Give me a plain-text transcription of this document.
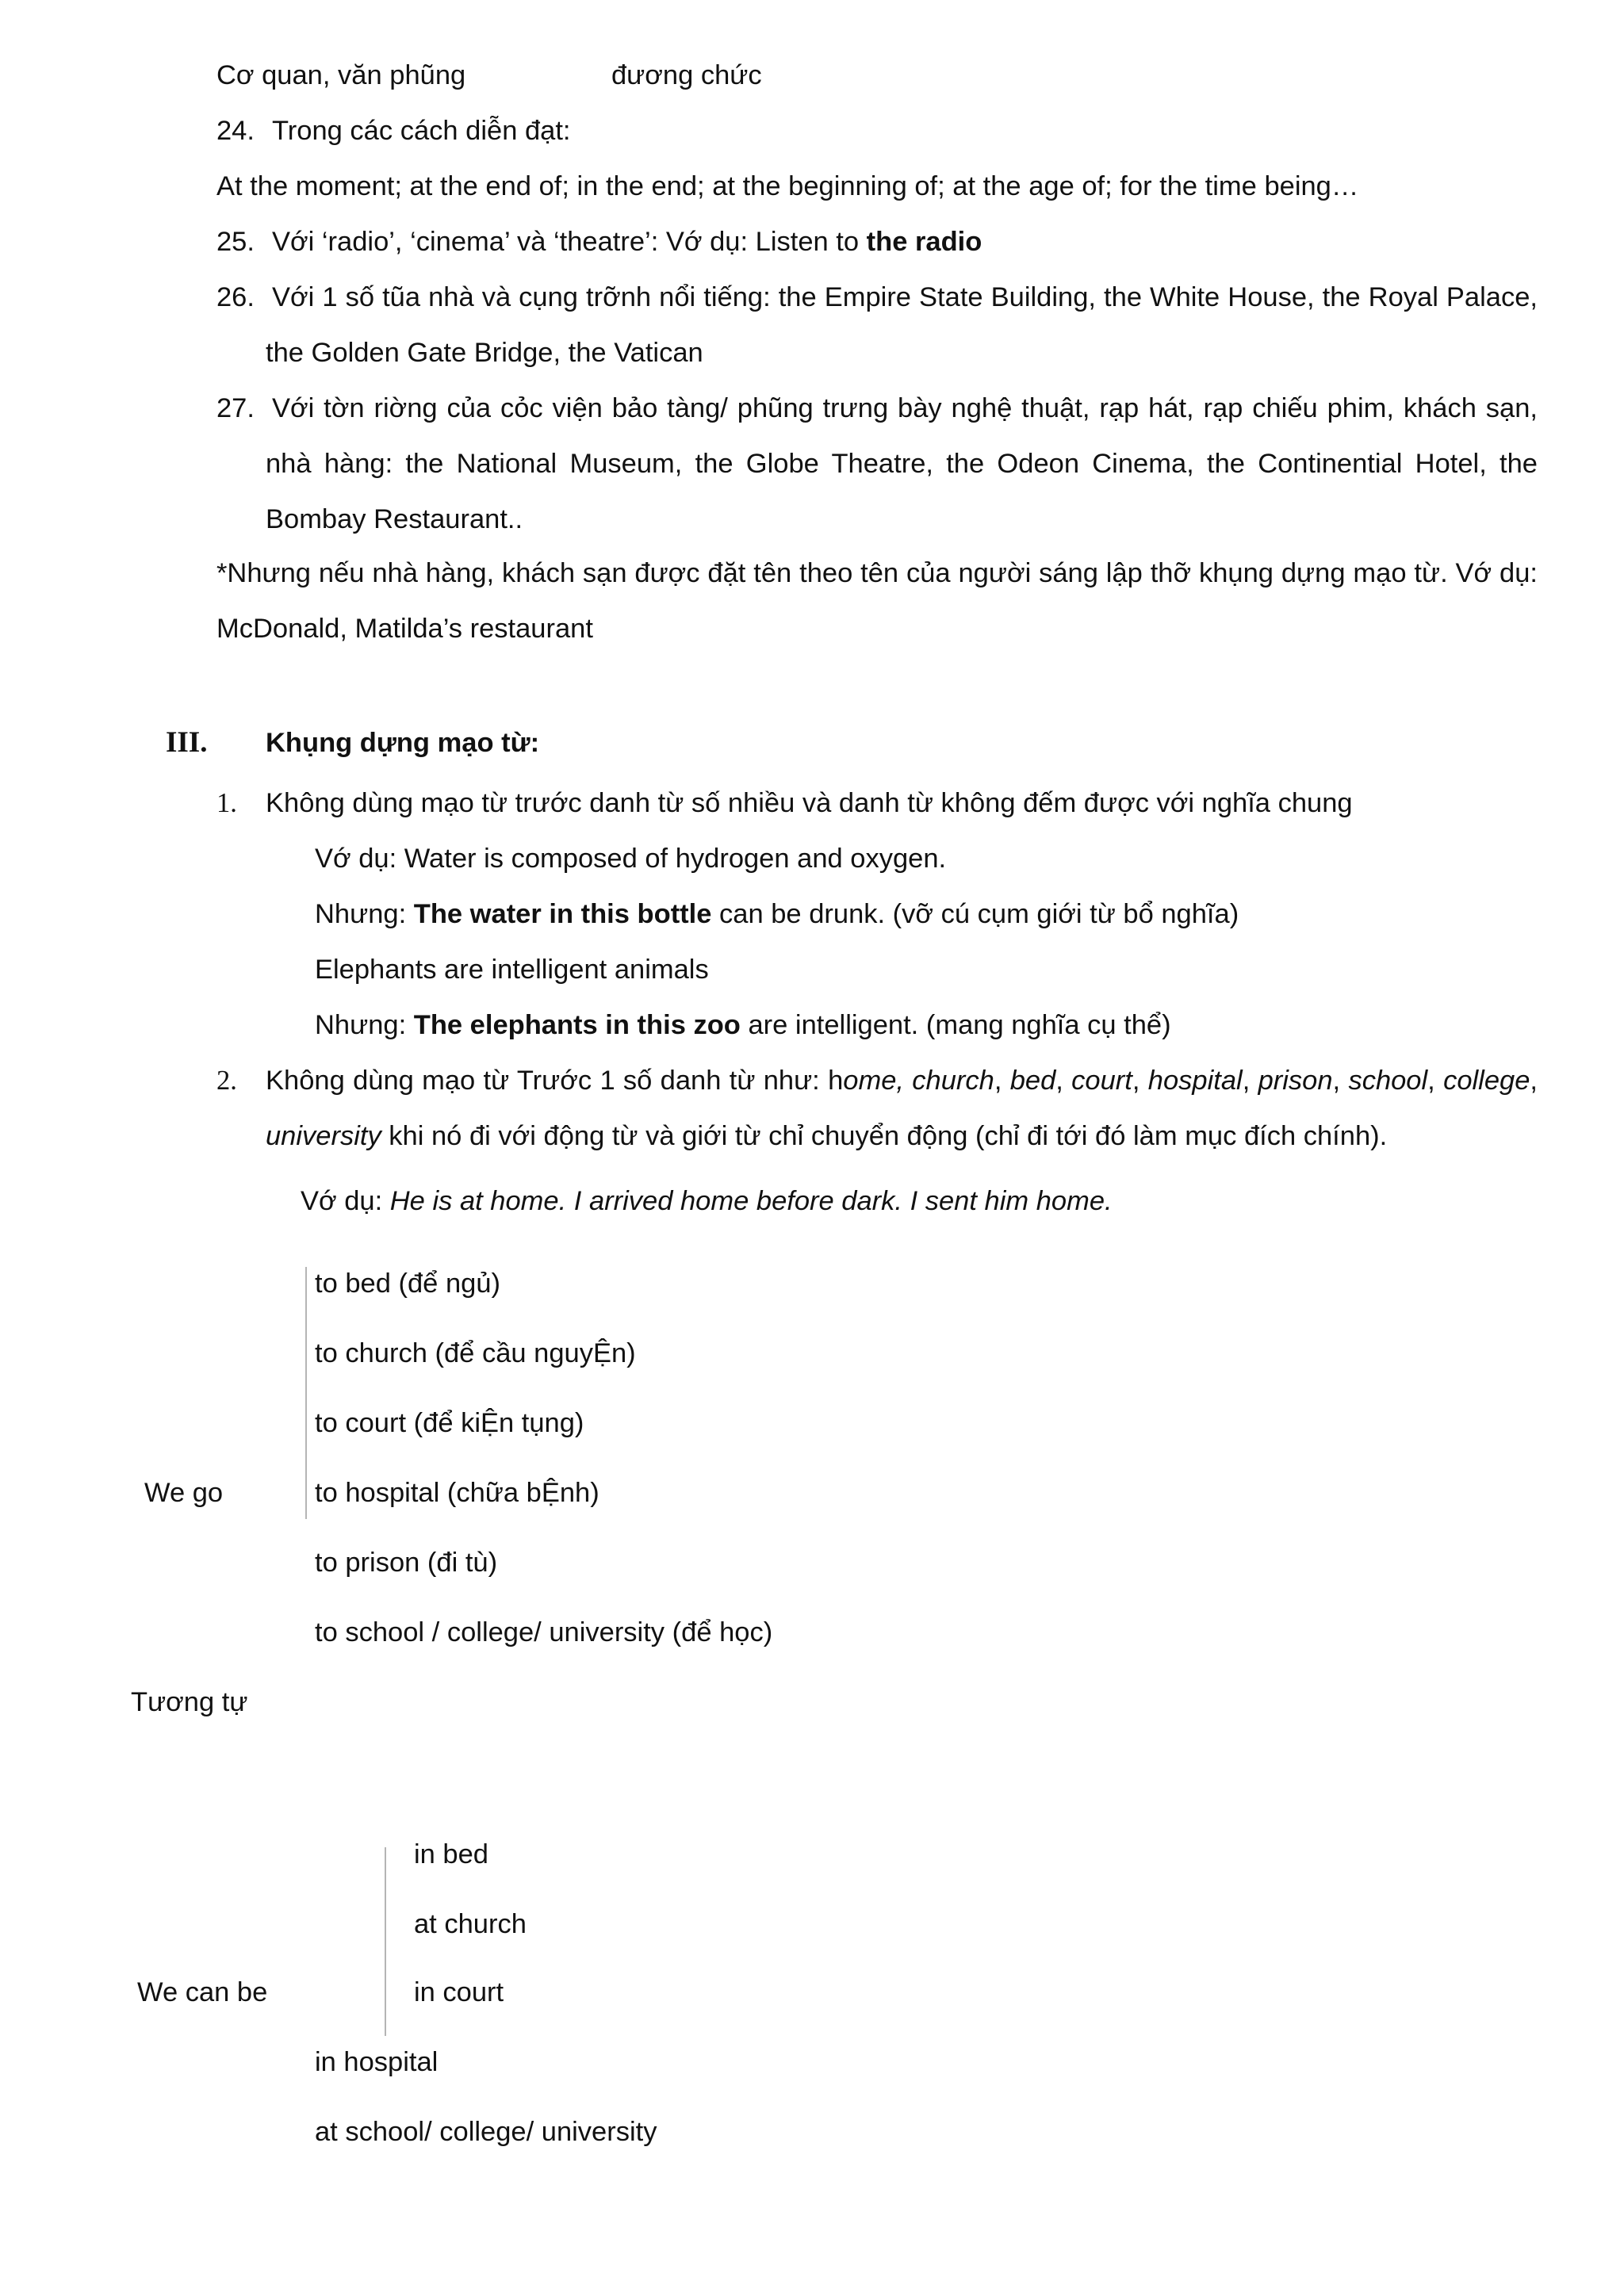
Cơ quan, văn phũng	đương chức
24. Trong các cách diễn đạt:
At the moment; at the end of; in the end; at the beginning of; at the age of; for the time being…
25. Với ‘radio’, ‘cinema’ và ‘theatre’: Vớ dụ: Listen to the radio
26. Với 1 số tũa nhà và cụng trỡnh nổi tiếng: the Empire State Building, the White House, the Royal Palace,
the Golden Gate Bridge, the Vatican
27. Với tờn riờng của cỏc viện bảo tàng/ phũng trưng bày nghệ thuật, rạp hát, rạp chiếu phim, khách sạn,
nhà hàng: the National Museum, the Globe Theatre, the Odeon Cinema, the Continential Hotel, the
Bombay Restaurant..
*Nhưng nếu nhà hàng, khách sạn được đặt tên theo tên của người sáng lập thỡ khụng dựng mạo từ. Vớ dụ:
McDonald, Matilda’s restaurant
III. Khụng dựng mạo từ:
1. Không dùng mạo từ trước danh từ số nhiều và danh từ không đếm được với nghĩa chung
Vớ dụ: Water is composed of hydrogen and oxygen.
Nhưng: The water in this bottle can be drunk. (vỡ cú cụm giới từ bổ nghĩa)
Elephants are intelligent animals
Nhưng: The elephants in this zoo are intelligent. (mang nghĩa cụ thể)
2. Không dùng mạo từ Trước 1 số danh từ như: home, church, bed, court, hospital, prison, school, college,
university khi nó đi với động từ và giới từ chỉ chuyển động (chỉ đi tới đó làm mục đích chính).
Vớ dụ: He is at home. I arrived home before dark. I sent him home.
We go
to bed (để ngủ)
to church (để cầu nguyỆn)
to court (để kiỆn tụng)
to hospital (chữa bỆnh)
to prison (đi tù)
to school / college/ university (để học)
Tương tự
We can be
in bed
at church
in court
in hospital
at school/ college/ university
